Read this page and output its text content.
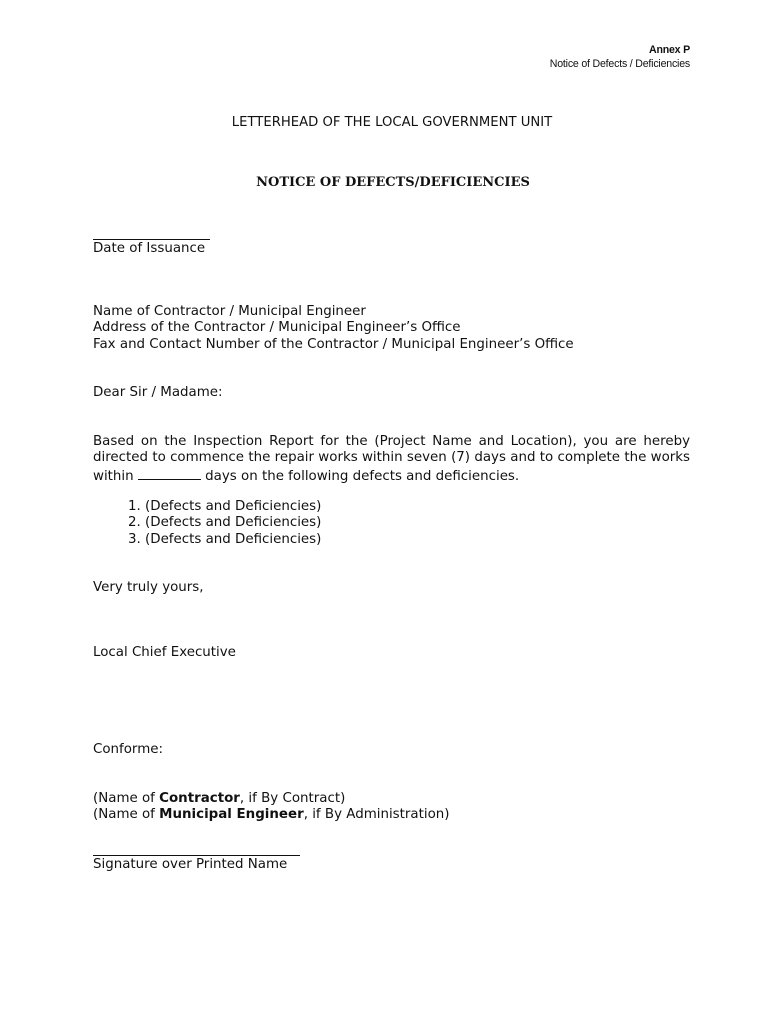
Annex P
Notice of Defects / Deficiencies
LETTERHEAD OF THE LOCAL GOVERNMENT UNIT
NOTICE OF DEFECTS/DEFICIENCIES
Date of Issuance
Name of Contractor / Municipal Engineer
Address of the Contractor / Municipal Engineer’s Office
Fax and Contact Number of the Contractor / Municipal Engineer’s Office
Dear Sir / Madame:
Based on the Inspection Report for the (Project Name and Location), you are hereby directed to commence the repair works within seven (7) days and to complete the works within	days on the following defects and deficiencies.
1. (Defects and Deficiencies)
2. (Defects and Deficiencies)
3. (Defects and Deficiencies)
Very truly yours,
Local Chief Executive
Conforme:
(Name of Contractor, if By Contract)
(Name of Municipal Engineer, if By Administration)
Signature over Printed Name
